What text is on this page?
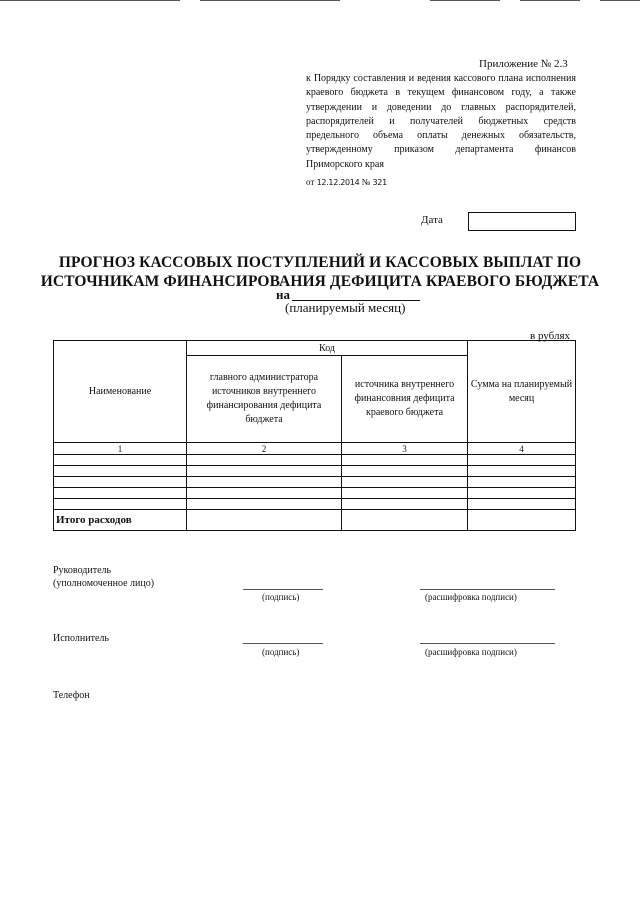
Приложение № 2.3
к Порядку составления и ведения кассового плана исполнения краевого бюджета в текущем финансовом году, а также утверждении и доведении до главных распорядителей, распорядителей и получателей бюджетных средств предельного объема оплаты денежных обязательств, утвержденному приказом департамента финансов Приморского края
от 12.12.2014 № 321
Дата
ПРОГНОЗ КАССОВЫХ ПОСТУПЛЕНИЙ И КАССОВЫХ ВЫПЛАТ ПО
ИСТОЧНИКАМ ФИНАНСИРОВАНИЯ ДЕФИЦИТА КРАЕВОГО БЮДЖЕТА
на
(планируемый месяц)
в рублях
Наименование	Код		Сумма на планируемый месяц
	главного администратора источников внутреннего финансирования дефицита бюджета	источника внутреннего финансовния дефицита краевого бюджета	
1	2	3	4

Итого расходов			
Руководитель
(уполномоченное лицо)
(подпись)	(расшифровка подписи)
Исполнитель
(подпись)	(расшифровка подписи)
Телефон
